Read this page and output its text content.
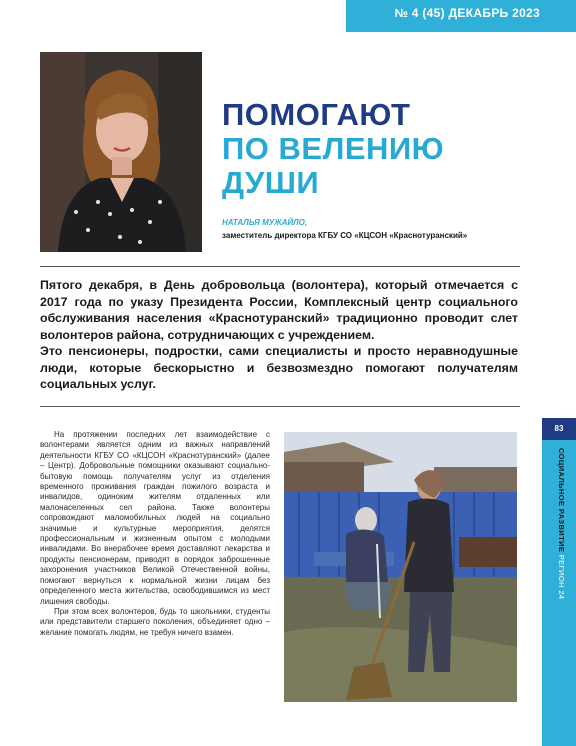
№ 4 (45) ДЕКАБРЬ 2023
ПОМОГАЮТ
ПО ВЕЛЕНИЮ
ДУШИ
НАТАЛЬЯ МУЖАЙЛО,
заместитель директора КГБУ СО «КЦСОН «Краснотуранский»

Пятого декабря, в День добровольца (волонтера), который отмечается с 2017 года по указу Президента России, Комплексный центр социального обслуживания населения «Краснотуранский» традиционно проводит слет волонтеров района, сотрудничающих с учреждением.

Это пенсионеры, подростки, сами специалисты и просто неравнодушные люди, которые бескорыстно и безвозмездно помогают получателям социальных услуг.

На протяжении последних лет взаимодействие с волонтерами является одним из важных направлений деятельности КГБУ СО «КЦСОН «Краснотуранский» (далее – Центр). Добровольные помощники оказывают социально-бытовую помощь получателям услуг из отделения временного проживания граждан пожилого возраста и инвалидов, одиноким жителям отдаленных или малонаселенных сел района. Также волонтеры сопровождают маломобильных людей на социально значимые и культурные мероприятия, делятся профессиональным и жизненным опытом с молодыми инвалидами. Во внерабочее время доставляют лекарства и продукты пенсионерам, приводят в порядок заброшенные захоронения участников Великой Отечественной войны, помогают вернуться к нормальной жизни лицам без определенного места жительства, освободившимся из мест лишения свободы.

При этом всех волонтеров, будь то школьники, студенты или представители старшего поколения, объединяет одно – желание помогать людям, не требуя ничего взамен.

83
СОЦИАЛЬНОЕ РАЗВИТИЕ РЕГИОН 24
